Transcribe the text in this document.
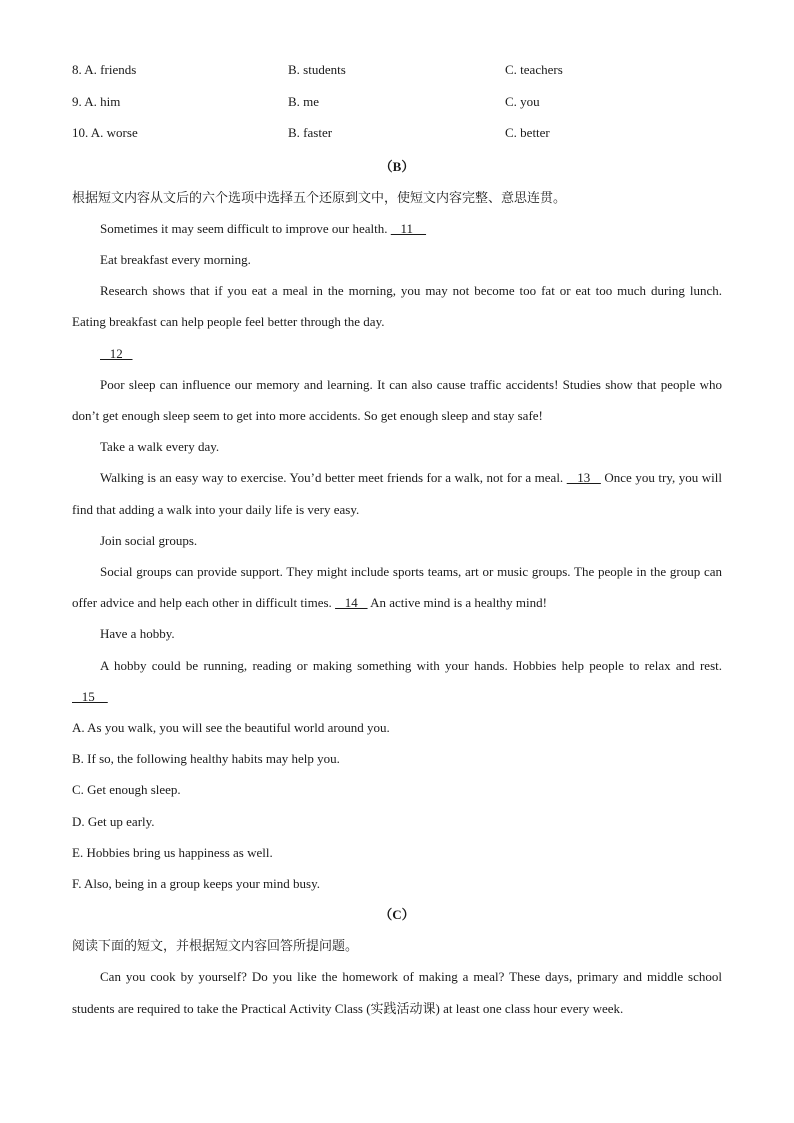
8. A. friends	B. students	C. teachers
9. A. him	B. me	C. you
10. A. worse	B. faster	C. better
（B）
根据短文内容从文后的六个选项中选择五个还原到文中，使短文内容完整、意思连贯。
Sometimes it may seem difficult to improve our health.    11
Eat breakfast every morning.
Research shows that if you eat a meal in the morning, you may not become too fat or eat too much during lunch. Eating breakfast can help people feel better through the day.
12
Poor sleep can influence our memory and learning. It can also cause traffic accidents! Studies show that people who don’t get enough sleep seem to get into more accidents. So get enough sleep and stay safe!
Take a walk every day.
Walking is an easy way to exercise. You’d better meet friends for a walk, not for a meal.    13    Once you try, you will find that adding a walk into your daily life is very easy.
Join social groups.
Social groups can provide support. They might include sports teams, art or music groups. The people in the group can offer advice and help each other in difficult times.    14    An active mind is a healthy mind!
Have a hobby.
A hobby could be running, reading or making something with your hands. Hobbies help people to relax and rest.    15
A. As you walk, you will see the beautiful world around you.
B. If so, the following healthy habits may help you.
C. Get enough sleep.
D. Get up early.
E. Hobbies bring us happiness as well.
F. Also, being in a group keeps your mind busy.
（C）
阅读下面的短文，并根据短文内容回答所提问题。
Can you cook by yourself? Do you like the homework of making a meal? These days, primary and middle school students are required to take the Practical Activity Class (实践活动课) at least one class hour every week.
